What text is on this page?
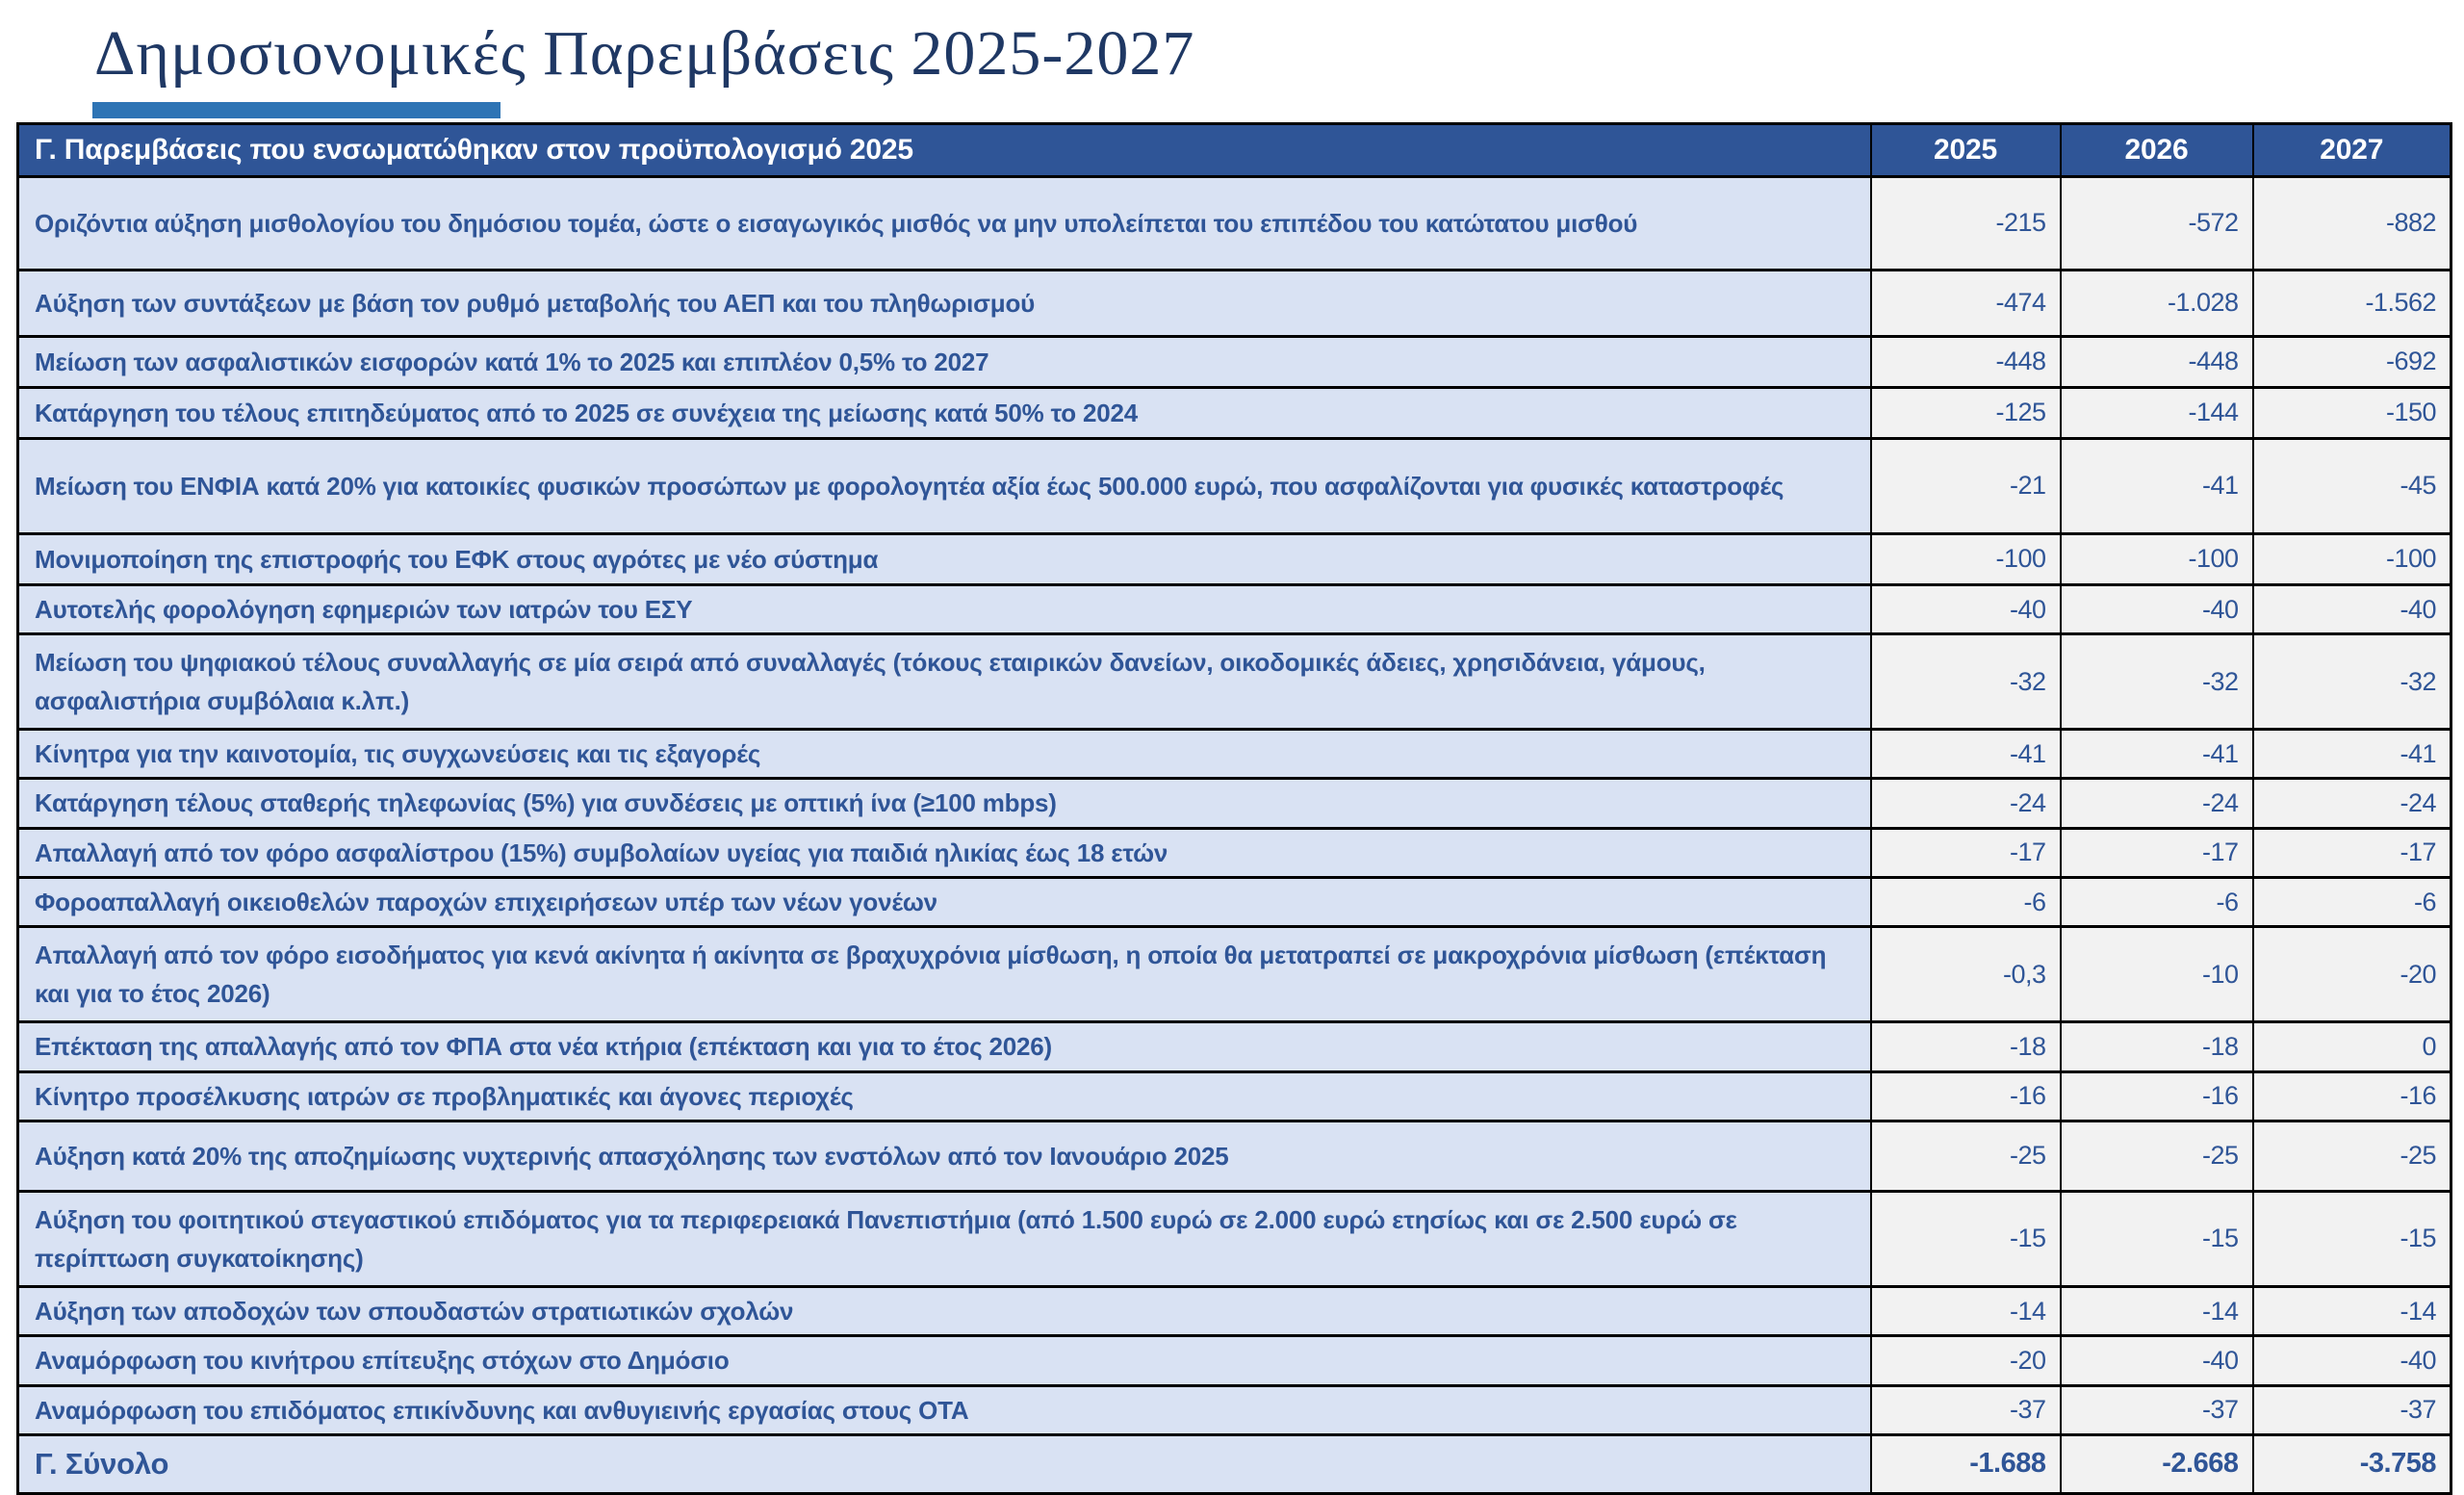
Δημοσιονομικές Παρεμβάσεις 2025-2027
Γ. Παρεμβάσεις που ενσωματώθηκαν στον προϋπολογισμό 2025	2025	2026	2027
Οριζόντια αύξηση μισθολογίου του δημόσιου τομέα, ώστε ο εισαγωγικός μισθός να μην υπολείπεται του επιπέδου του κατώτατου μισθού	-215	-572	-882
Αύξηση των συντάξεων με βάση τον ρυθμό μεταβολής του ΑΕΠ και του πληθωρισμού	-474	-1.028	-1.562
Μείωση των ασφαλιστικών εισφορών κατά 1% το 2025 και επιπλέον 0,5% το 2027	-448	-448	-692
Κατάργηση του τέλους επιτηδεύματος από το 2025 σε συνέχεια της μείωσης κατά 50% το 2024	-125	-144	-150
Μείωση του ΕΝΦΙΑ κατά 20% για κατοικίες φυσικών προσώπων με φορολογητέα αξία έως 500.000 ευρώ, που ασφαλίζονται για φυσικές καταστροφές	-21	-41	-45
Μονιμοποίηση της επιστροφής του ΕΦΚ στους αγρότες με νέο σύστημα	-100	-100	-100
Αυτοτελής φορολόγηση εφημεριών των ιατρών του ΕΣΥ	-40	-40	-40
Μείωση του ψηφιακού τέλους συναλλαγής σε μία σειρά από συναλλαγές (τόκους εταιρικών δανείων, οικοδομικές άδειες, χρησιδάνεια, γάμους, ασφαλιστήρια συμβόλαια κ.λπ.)	-32	-32	-32
Κίνητρα για την καινοτομία, τις συγχωνεύσεις και τις εξαγορές	-41	-41	-41
Κατάργηση τέλους σταθερής τηλεφωνίας (5%) για συνδέσεις με οπτική ίνα (≥100 mbps)	-24	-24	-24
Απαλλαγή από τον φόρο ασφαλίστρου (15%) συμβολαίων υγείας για παιδιά ηλικίας έως 18 ετών	-17	-17	-17
Φοροαπαλλαγή οικειοθελών παροχών επιχειρήσεων υπέρ των νέων γονέων	-6	-6	-6
Απαλλαγή από τον φόρο εισοδήματος για κενά ακίνητα ή ακίνητα σε βραχυχρόνια μίσθωση, η οποία θα μετατραπεί σε μακροχρόνια μίσθωση (επέκταση και για το έτος 2026)	-0,3	-10	-20
Επέκταση της απαλλαγής από τον ΦΠΑ στα νέα κτήρια (επέκταση και για το έτος 2026)	-18	-18	0
Κίνητρο προσέλκυσης ιατρών σε προβληματικές και άγονες περιοχές	-16	-16	-16
Αύξηση κατά 20% της αποζημίωσης νυχτερινής απασχόλησης των ενστόλων από τον Ιανουάριο 2025	-25	-25	-25
Αύξηση του φοιτητικού στεγαστικού επιδόματος για τα περιφερειακά Πανεπιστήμια (από 1.500 ευρώ σε 2.000 ευρώ ετησίως και σε 2.500 ευρώ σε περίπτωση συγκατοίκησης)	-15	-15	-15
Αύξηση των αποδοχών των σπουδαστών στρατιωτικών σχολών	-14	-14	-14
Αναμόρφωση του κινήτρου επίτευξης στόχων στο Δημόσιο	-20	-40	-40
Αναμόρφωση του επιδόματος επικίνδυνης και ανθυγιεινής εργασίας στους ΟΤΑ	-37	-37	-37
Γ. Σύνολο	-1.688	-2.668	-3.758
